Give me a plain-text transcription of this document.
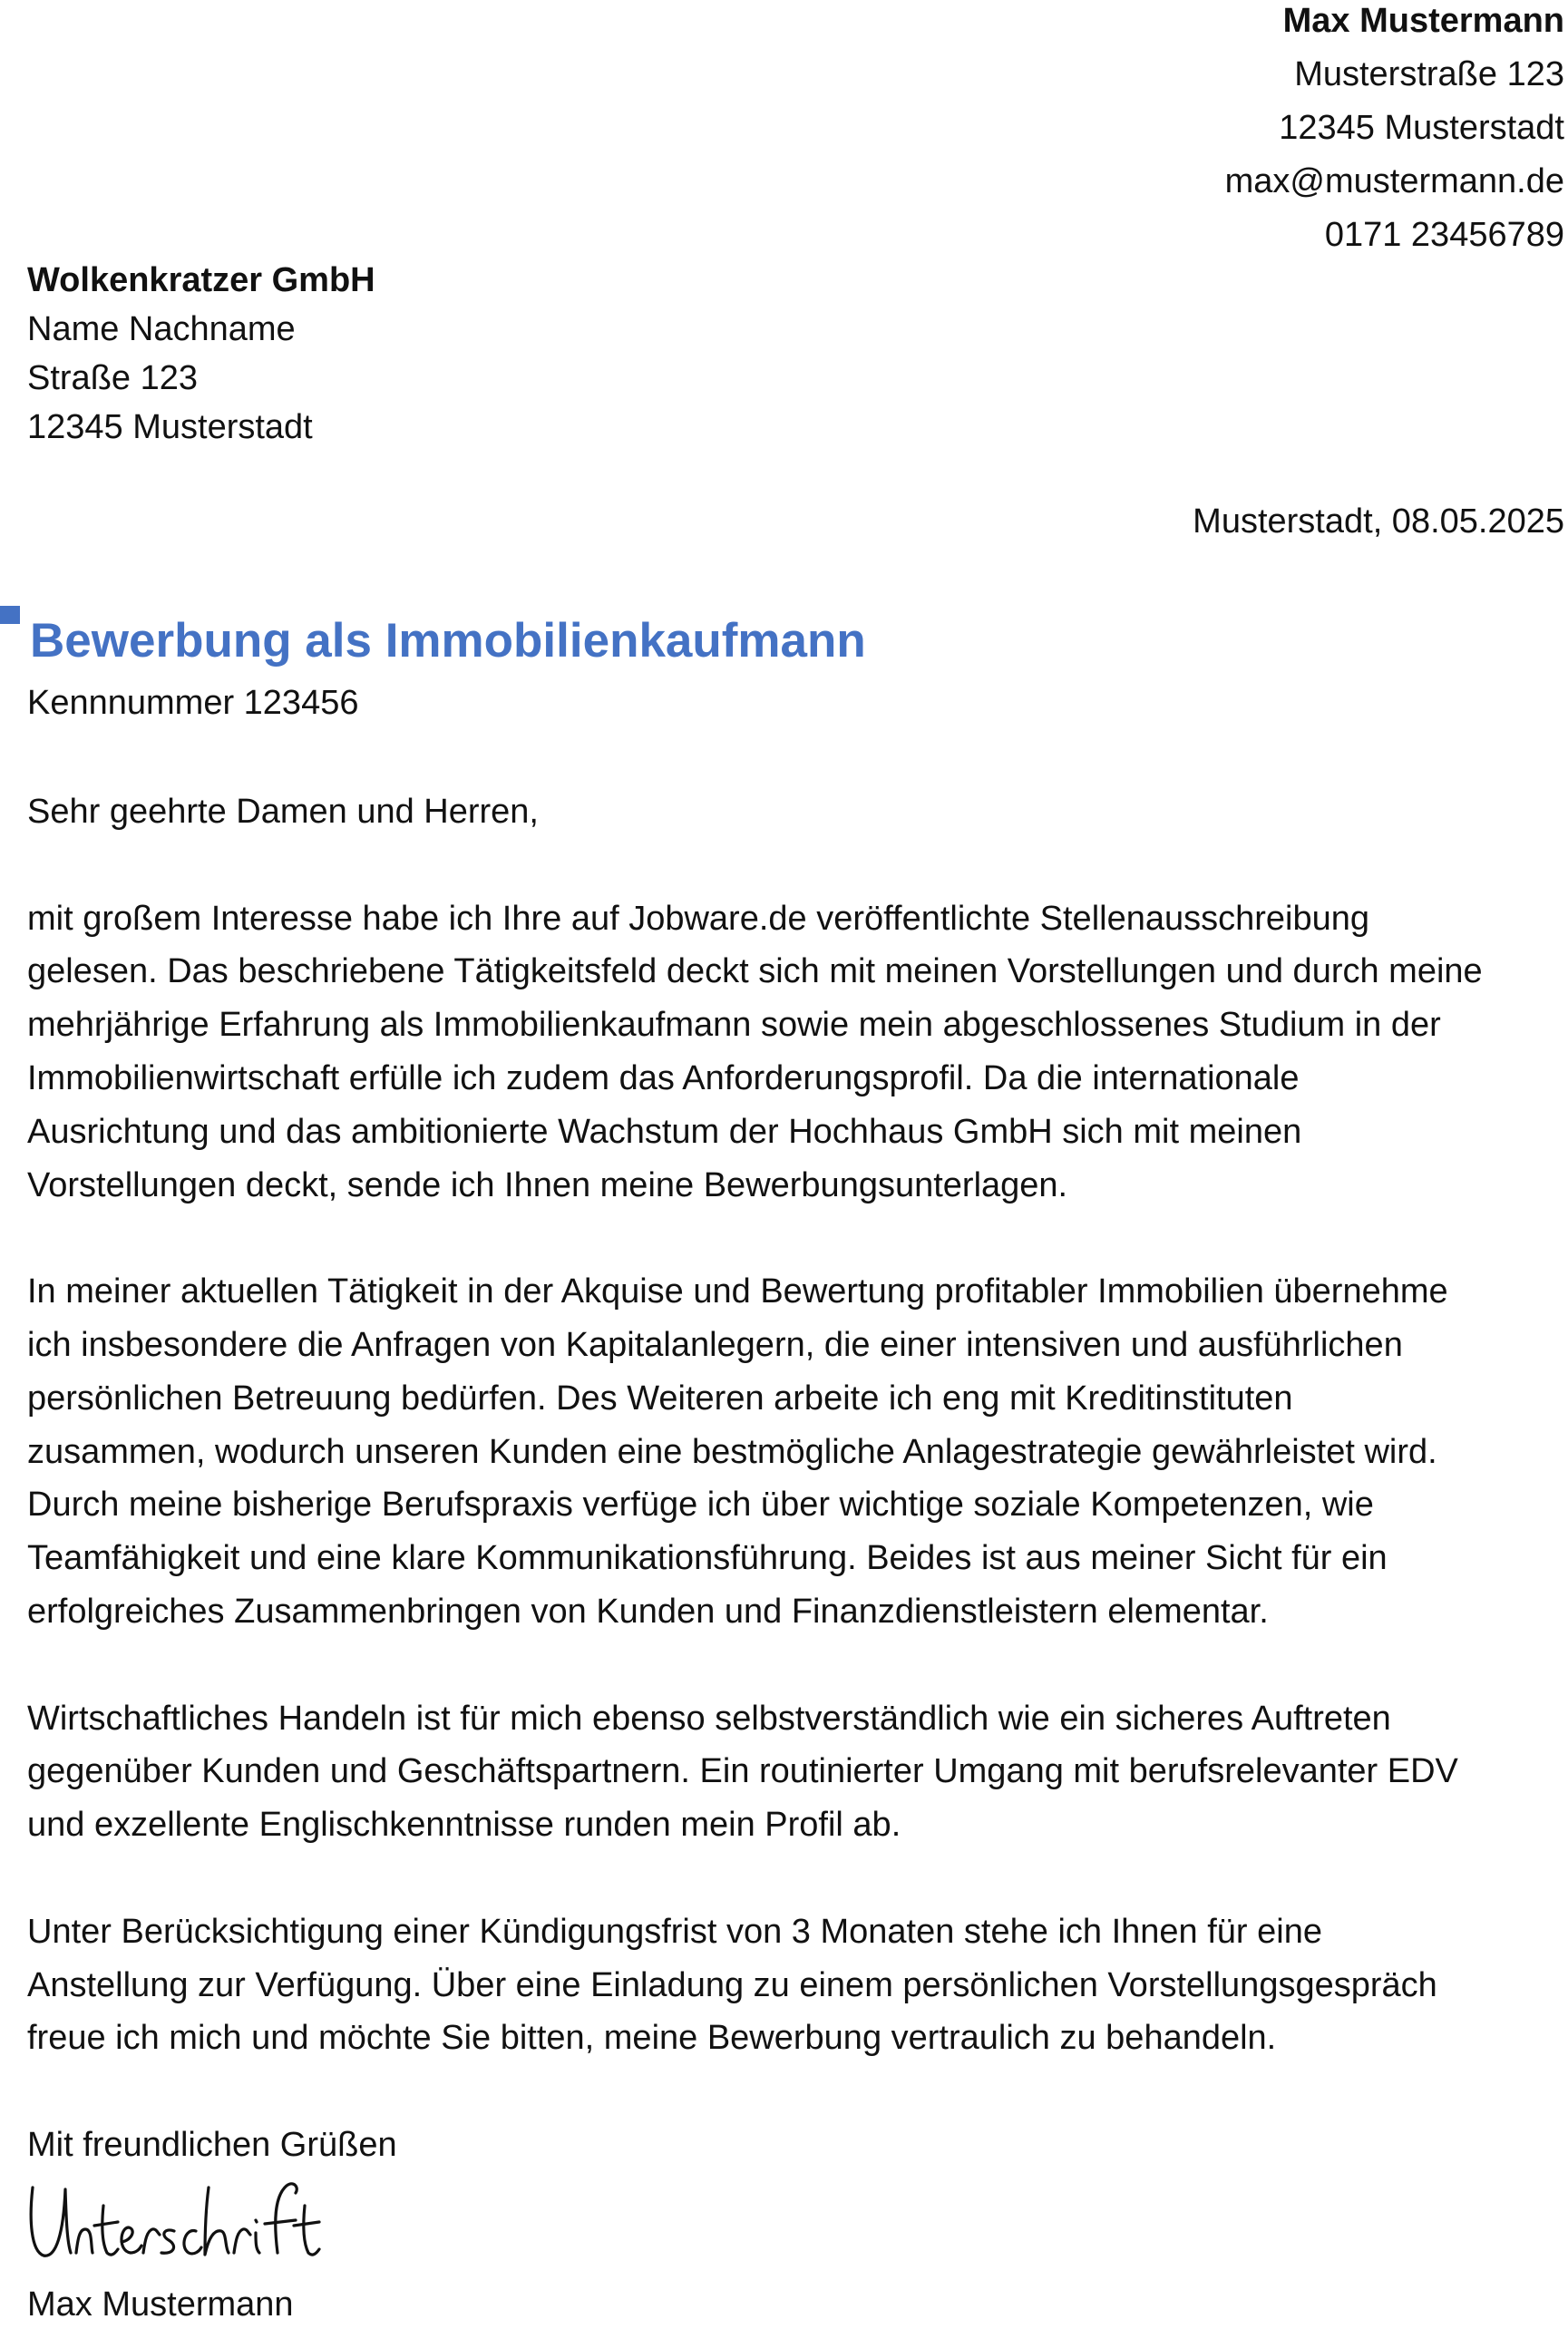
Max Mustermann
Musterstraße 123
12345 Musterstadt
max@mustermann.de
0171 23456789
Wolkenkratzer GmbH
Name Nachname
Straße 123
12345 Musterstadt
Musterstadt, 08.05.2025
Bewerbung als Immobilienkaufmann
Kennnummer 123456

Sehr geehrte Damen und Herren,

mit großem Interesse habe ich Ihre auf Jobware.de veröffentlichte Stellenausschreibung
gelesen. Das beschriebene Tätigkeitsfeld deckt sich mit meinen Vorstellungen und durch meine
mehrjährige Erfahrung als Immobilienkaufmann sowie mein abgeschlossenes Studium in der
Immobilienwirtschaft erfülle ich zudem das Anforderungsprofil. Da die internationale
Ausrichtung und das ambitionierte Wachstum der Hochhaus GmbH sich mit meinen
Vorstellungen deckt, sende ich Ihnen meine Bewerbungsunterlagen.

In meiner aktuellen Tätigkeit in der Akquise und Bewertung profitabler Immobilien übernehme
ich insbesondere die Anfragen von Kapitalanlegern, die einer intensiven und ausführlichen
persönlichen Betreuung bedürfen. Des Weiteren arbeite ich eng mit Kreditinstituten
zusammen, wodurch unseren Kunden eine bestmögliche Anlagestrategie gewährleistet wird.
Durch meine bisherige Berufspraxis verfüge ich über wichtige soziale Kompetenzen, wie
Teamfähigkeit und eine klare Kommunikationsführung. Beides ist aus meiner Sicht für ein
erfolgreiches Zusammenbringen von Kunden und Finanzdienstleistern elementar.

Wirtschaftliches Handeln ist für mich ebenso selbstverständlich wie ein sicheres Auftreten
gegenüber Kunden und Geschäftspartnern. Ein routinierter Umgang mit berufsrelevanter EDV
und exzellente Englischkenntnisse runden mein Profil ab.

Unter Berücksichtigung einer Kündigungsfrist von 3 Monaten stehe ich Ihnen für eine
Anstellung zur Verfügung. Über eine Einladung zu einem persönlichen Vorstellungsgespräch
freue ich mich und möchte Sie bitten, meine Bewerbung vertraulich zu behandeln.

Mit freundlichen Grüßen
Max Mustermann
